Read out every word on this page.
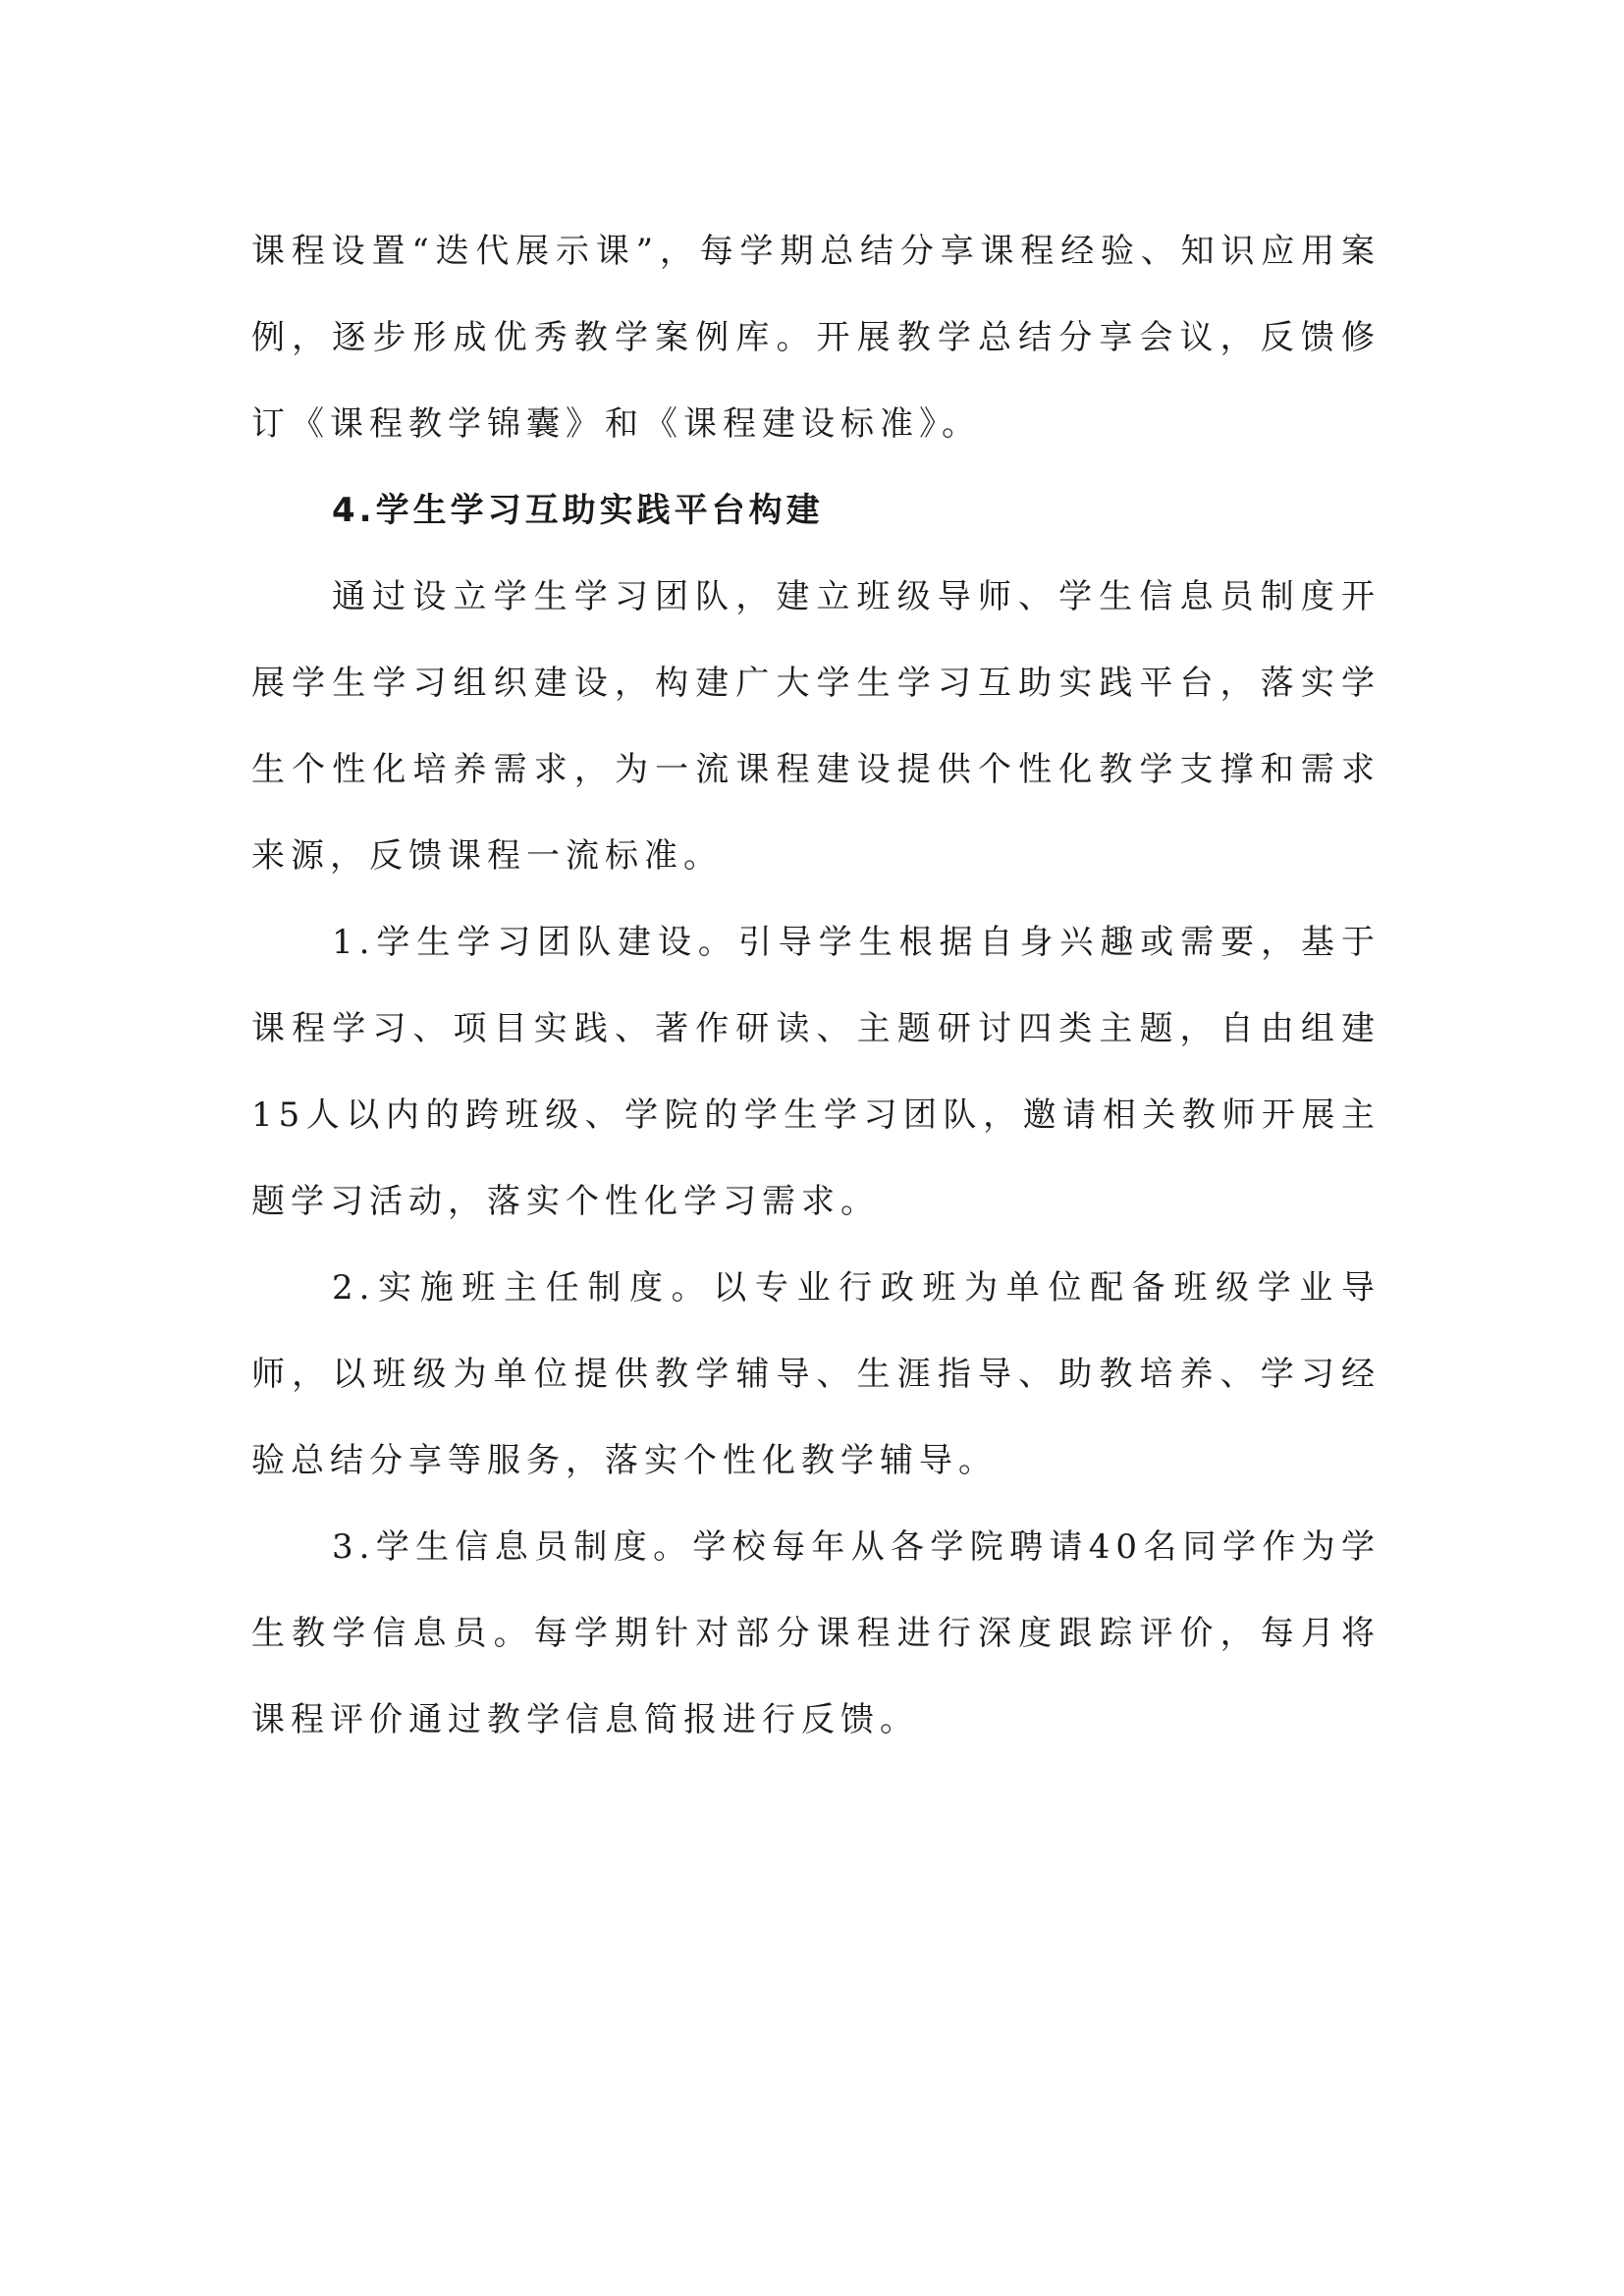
课程设置“迭代展示课”，每学期总结分享课程经验、知识应用案例，逐步形成优秀教学案例库。开展教学总结分享会议，反馈修订《课程教学锦囊》和《课程建设标准》。

4.学生学习互助实践平台构建

通过设立学生学习团队，建立班级导师、学生信息员制度开展学生学习组织建设，构建广大学生学习互助实践平台，落实学生个性化培养需求，为一流课程建设提供个性化教学支撑和需求来源，反馈课程一流标准。

1.学生学习团队建设。引导学生根据自身兴趣或需要，基于课程学习、项目实践、著作研读、主题研讨四类主题，自由组建15人以内的跨班级、学院的学生学习团队，邀请相关教师开展主题学习活动，落实个性化学习需求。

2.实施班主任制度。以专业行政班为单位配备班级学业导师，以班级为单位提供教学辅导、生涯指导、助教培养、学习经验总结分享等服务，落实个性化教学辅导。

3.学生信息员制度。学校每年从各学院聘请40名同学作为学生教学信息员。每学期针对部分课程进行深度跟踪评价，每月将课程评价通过教学信息简报进行反馈。
